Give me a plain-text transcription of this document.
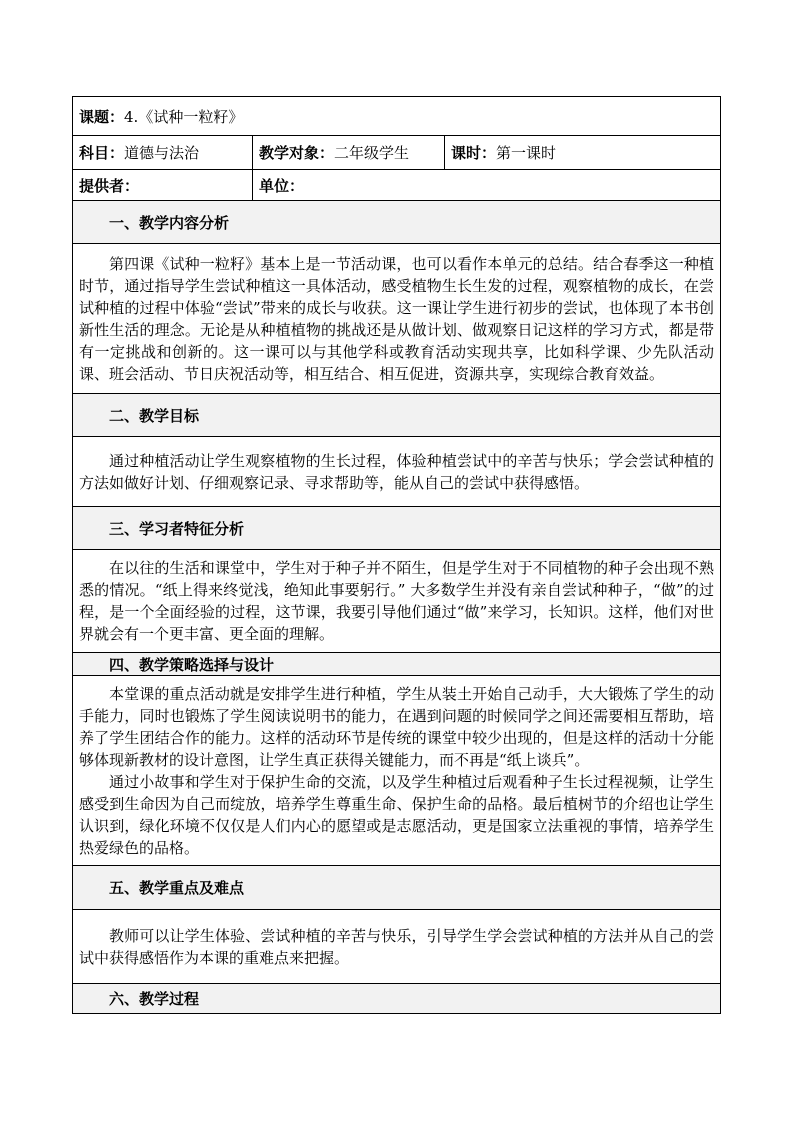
课题：4.《试种一粒籽》		
科目：道德与法治	教学对象：二年级学生	课时：第一课时
提供者：	单位：	
一、教学内容分析		

第四课《试种一粒籽》基本上是一节活动课，也可以看作本单元的总结。结合春季这一种植时节，通过指导学生尝试种植这一具体活动，感受植物生长生发的过程，观察植物的成长，在尝试种植的过程中体验“尝试”带来的成长与收获。这一课让学生进行初步的尝试，也体现了本书创新性生活的理念。无论是从种植植物的挑战还是从做计划、做观察日记这样的学习方式，都是带有一定挑战和创新的。这一课可以与其他学科或教育活动实现共享，比如科学课、少先队活动课、班会活动、节日庆祝活动等，相互结合、相互促进，资源共享，实现综合教育效益。		

二、教学目标		

通过种植活动让学生观察植物的生长过程，体验种植尝试中的辛苦与快乐；学会尝试种植的方法如做好计划、仔细观察记录、寻求帮助等，能从自己的尝试中获得感悟。		

三、学习者特征分析		

在以往的生活和课堂中，学生对于种子并不陌生，但是学生对于不同植物的种子会出现不熟悉的情况。“纸上得来终觉浅，绝知此事要躬行。” 大多数学生并没有亲自尝试种种子，“做”的过程，是一个全面经验的过程，这节课，我要引导他们通过“做”来学习，长知识。这样，他们对世界就会有一个更丰富、更全面的理解。		

四、教学策略选择与设计		

本堂课的重点活动就是安排学生进行种植，学生从装土开始自己动手，大大锻炼了学生的动手能力，同时也锻炼了学生阅读说明书的能力，在遇到问题的时候同学之间还需要相互帮助，培养了学生团结合作的能力。这样的活动环节是传统的课堂中较少出现的，但是这样的活动十分能够体现新教材的设计意图，让学生真正获得关键能力，而不再是“纸上谈兵”。

通过小故事和学生对于保护生命的交流，以及学生种植过后观看种子生长过程视频，让学生感受到生命因为自己而绽放，培养学生尊重生命、保护生命的品格。最后植树节的介绍也让学生认识到，绿化环境不仅仅是人们内心的愿望或是志愿活动，更是国家立法重视的事情，培养学生热爱绿色的品格。		

五、教学重点及难点		

教师可以让学生体验、尝试种植的辛苦与快乐，引导学生学会尝试种植的方法并从自己的尝试中获得感悟作为本课的重难点来把握。		

六、教学过程		
